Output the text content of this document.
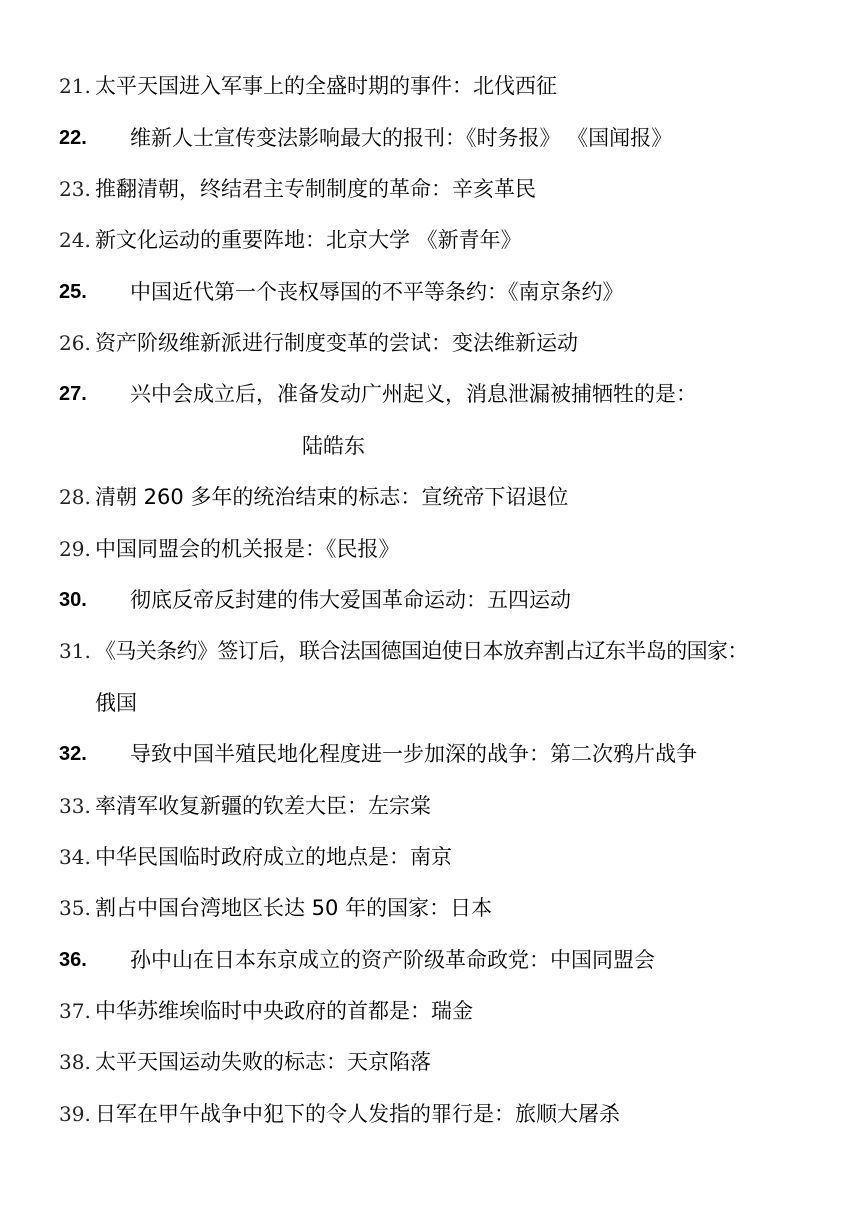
21. 太平天国进入军事上的全盛时期的事件：北伐西征
22. 维新人士宣传变法影响最大的报刊：《时务报》 《国闻报》
23. 推翻清朝，终结君主专制制度的革命：辛亥革民
24. 新文化运动的重要阵地：北京大学 《新青年》
25. 中国近代第一个丧权辱国的不平等条约：《南京条约》
26. 资产阶级维新派进行制度变革的尝试：变法维新运动
27. 兴中会成立后，准备发动广州起义，消息泄漏被捕牺牲的是：
陆皓东
28. 清朝 260 多年的统治结束的标志：宣统帝下诏退位
29. 中国同盟会的机关报是：《民报》
30. 彻底反帝反封建的伟大爱国革命运动：五四运动
31. 《马关条约》签订后，联合法国德国迫使日本放弃割占辽东半岛的国家：
俄国
32. 导致中国半殖民地化程度进一步加深的战争：第二次鸦片战争
33. 率清军收复新疆的钦差大臣：左宗棠
34. 中华民国临时政府成立的地点是：南京
35. 割占中国台湾地区长达 50 年的国家：日本
36. 孙中山在日本东京成立的资产阶级革命政党：中国同盟会
37. 中华苏维埃临时中央政府的首都是：瑞金
38. 太平天国运动失败的标志：天京陷落
39. 日军在甲午战争中犯下的令人发指的罪行是：旅顺大屠杀
